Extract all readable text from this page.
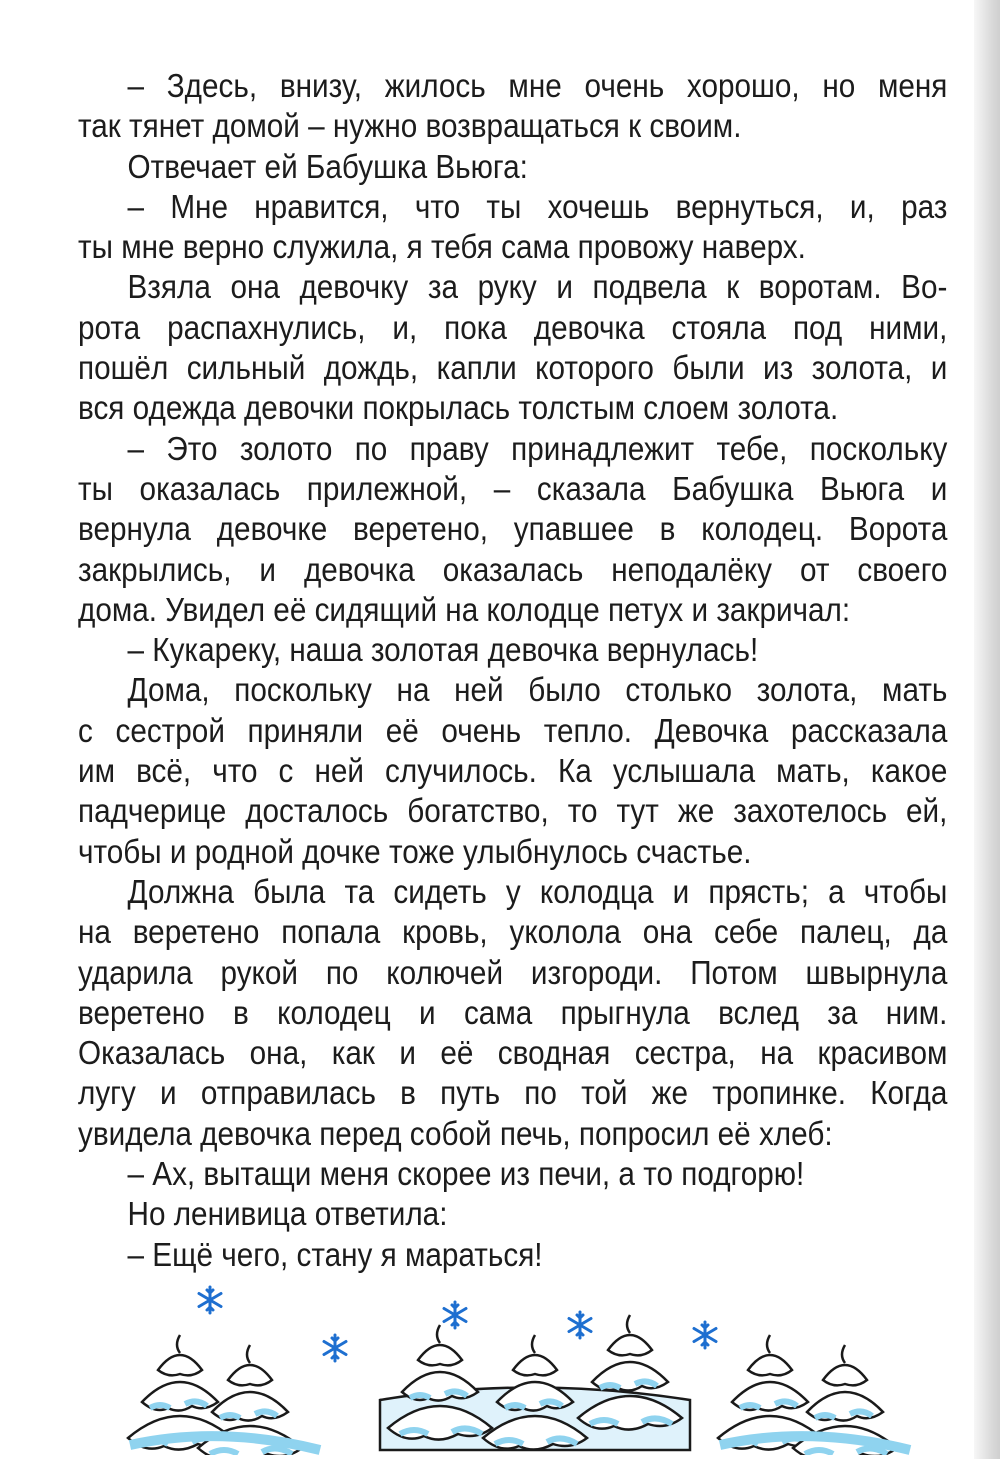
– Здесь, внизу, жилось мне очень хорошо, но меня
так тянет домой – нужно возвращаться к своим.
Отвечает ей Бабушка Вьюга:
– Мне нравится, что ты хочешь вернуться, и, раз
ты мне верно служила, я тебя сама провожу наверх.
Взяла она девочку за руку и подвела к воротам. Во-
рота распахнулись, и, пока девочка стояла под ними,
пошёл сильный дождь, капли которого были из золота, и
вся одежда девочки покрылась толстым слоем золота.
– Это золото по праву принадлежит тебе, поскольку
ты оказалась прилежной, – сказала Бабушка Вьюга и
вернула девочке веретено, упавшее в колодец. Ворота
закрылись, и девочка оказалась неподалёку от своего
дома. Увидел её сидящий на колодце петух и закричал:
– Кукареку, наша золотая девочка вернулась!
Дома, поскольку на ней было столько золота, мать
с сестрой приняли её очень тепло. Девочка рассказала
им всё, что с ней случилось. Ка услышала мать, какое
падчерице досталось богатство, то тут же захотелось ей,
чтобы и родной дочке тоже улыбнулось счастье.
Должна была та сидеть у колодца и прясть; а чтобы
на веретено попала кровь, уколола она себе палец, да
ударила рукой по колючей изгороди. Потом швырнула
веретено в колодец и сама прыгнула вслед за ним.
Оказалась она, как и её сводная сестра, на красивом
лугу и отправилась в путь по той же тропинке. Когда
увидела девочка перед собой печь, попросил её хлеб:
– Ах, вытащи меня скорее из печи, а то подгорю!
Но ленивица ответила:
– Ещё чего, стану я мараться!
